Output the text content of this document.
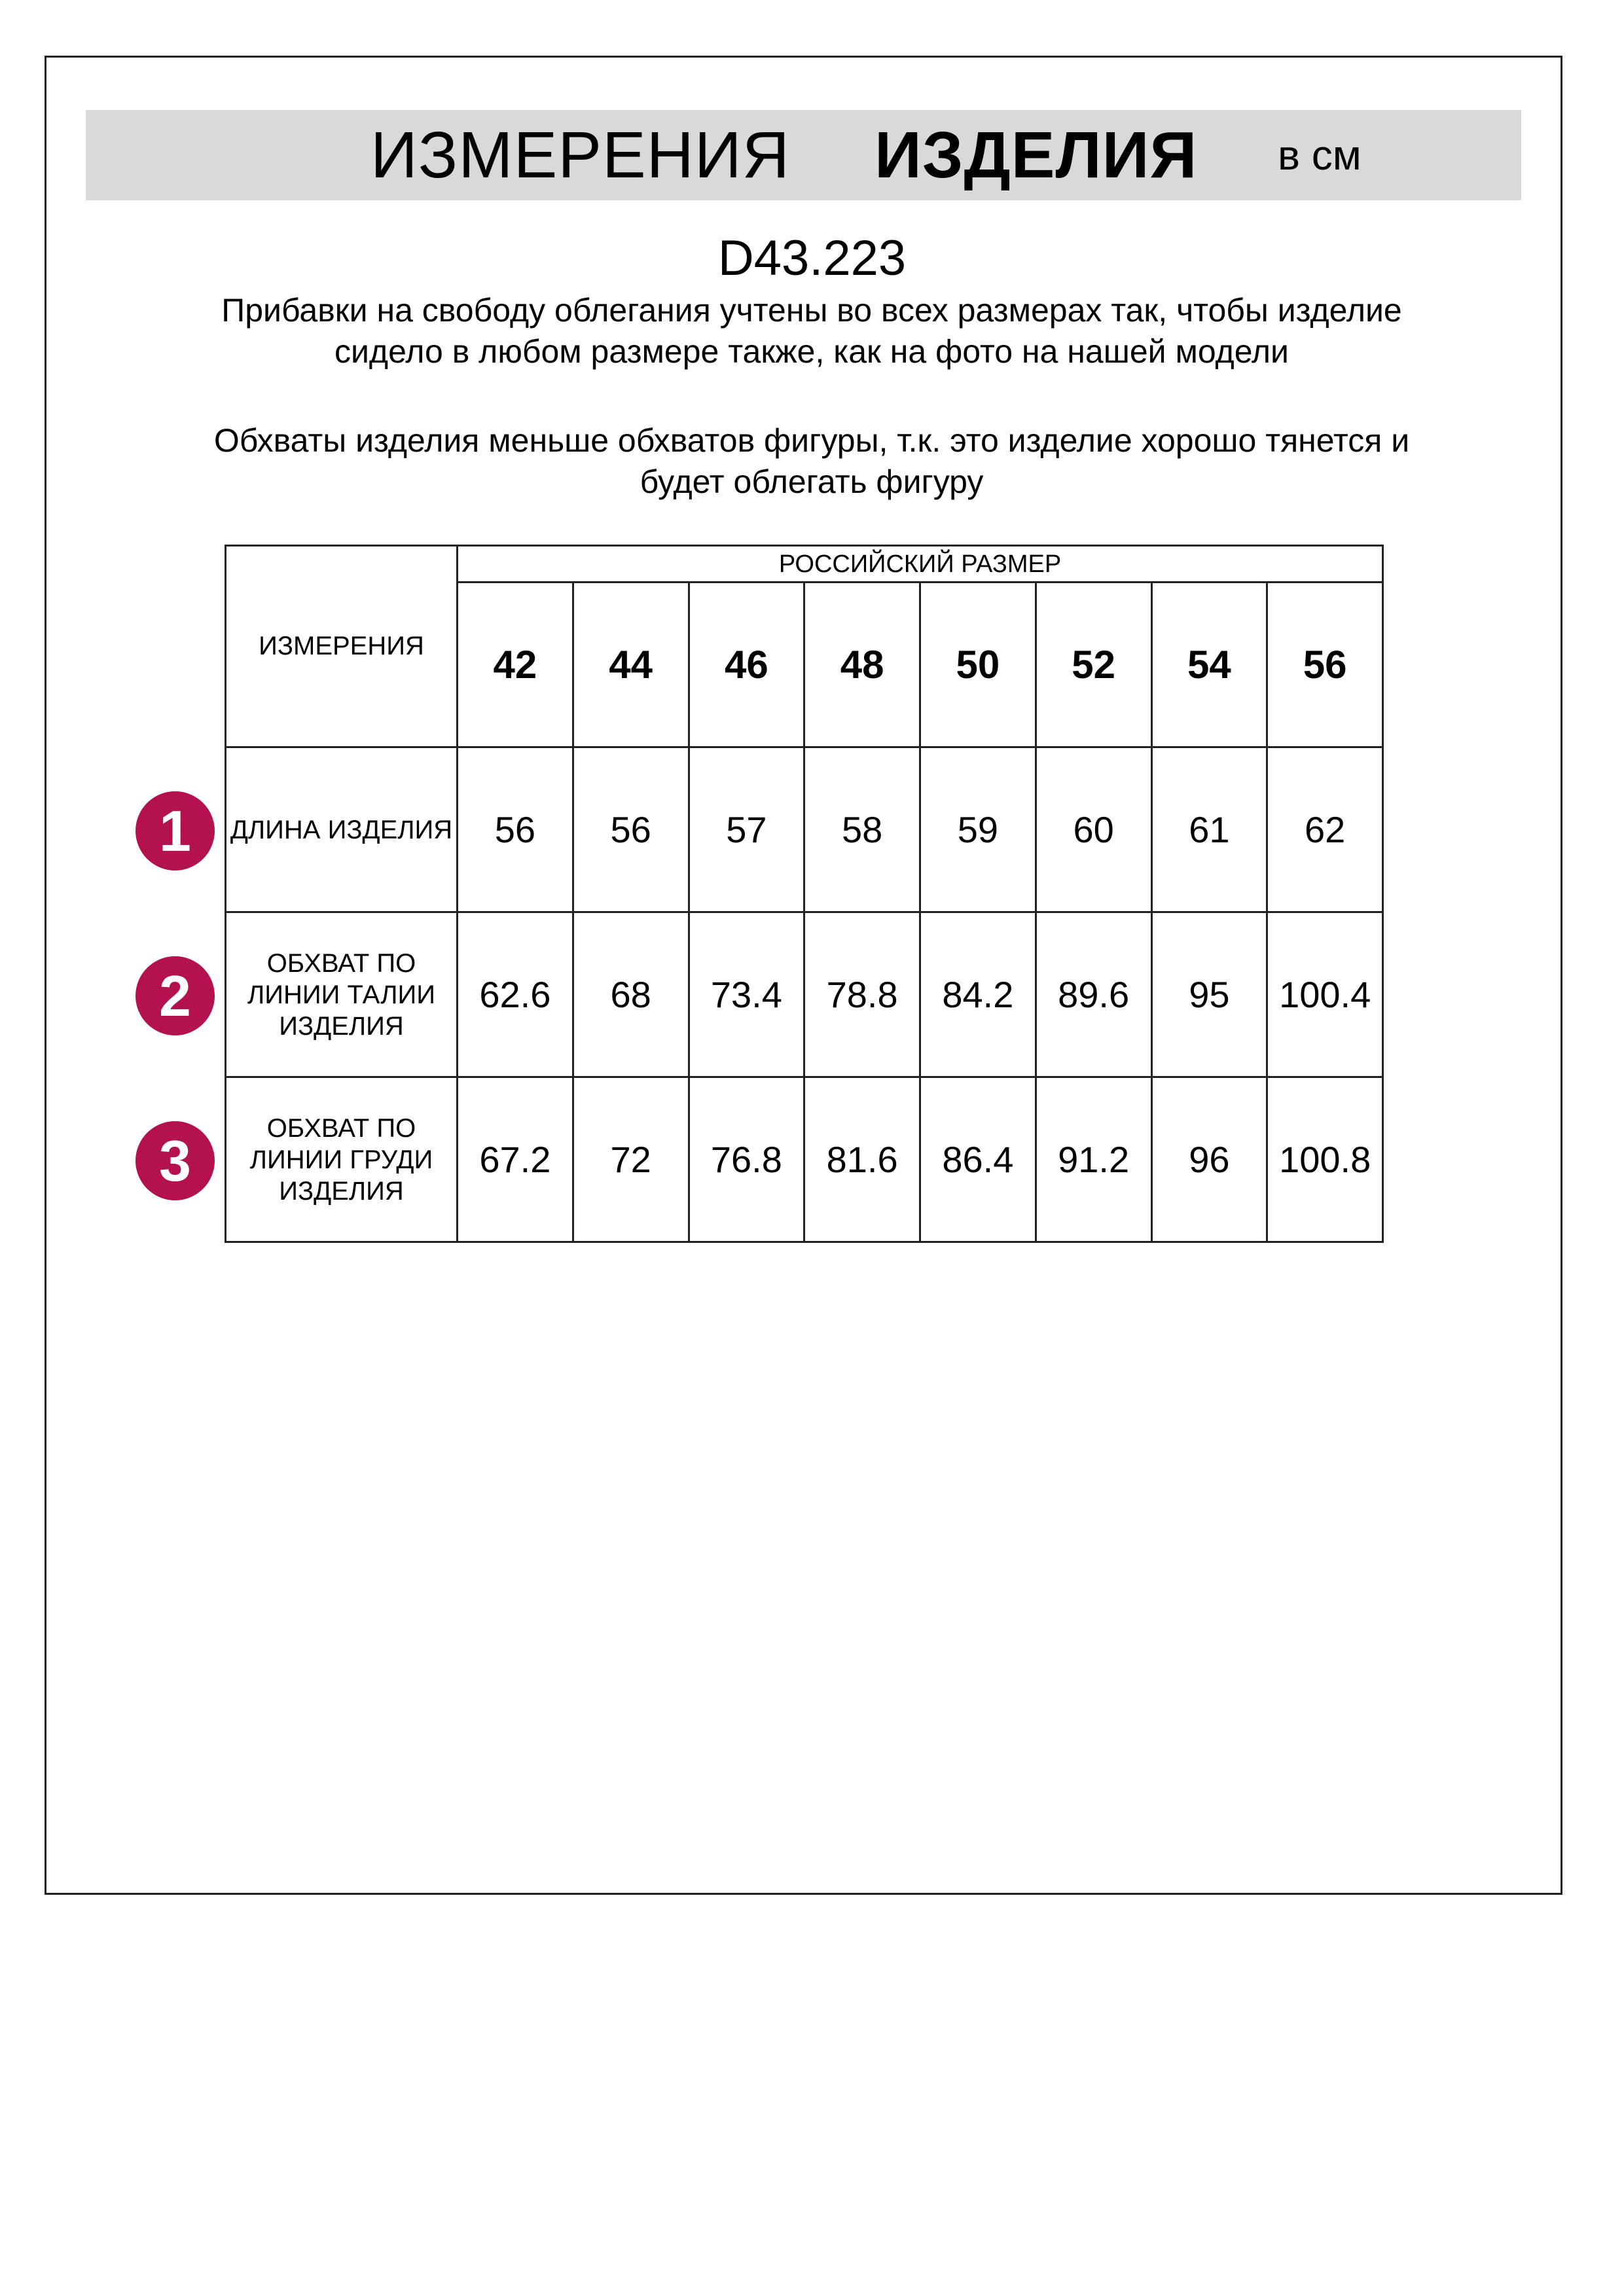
ИЗМЕРЕНИЯ ИЗДЕЛИЯ в см
D43.223
Прибавки на свободу облегания учтены во всех размерах так, чтобы изделие сидело в любом размере также, как на фото на нашей модели
Обхваты изделия меньше обхватов фигуры, т.к. это изделие хорошо тянется и будет облегать фигуру
1
2
3
ИЗМЕРЕНИЯ	РОССИЙСКИЙ РАЗМЕР							
	42	44	46	48	50	52	54	56
ДЛИНА ИЗДЕЛИЯ	56	56	57	58	59	60	61	62
ОБХВАТ ПО ЛИНИИ ТАЛИИ ИЗДЕЛИЯ	62.6	68	73.4	78.8	84.2	89.6	95	100.4
ОБХВАТ ПО ЛИНИИ ГРУДИ ИЗДЕЛИЯ	67.2	72	76.8	81.6	86.4	91.2	96	100.8
